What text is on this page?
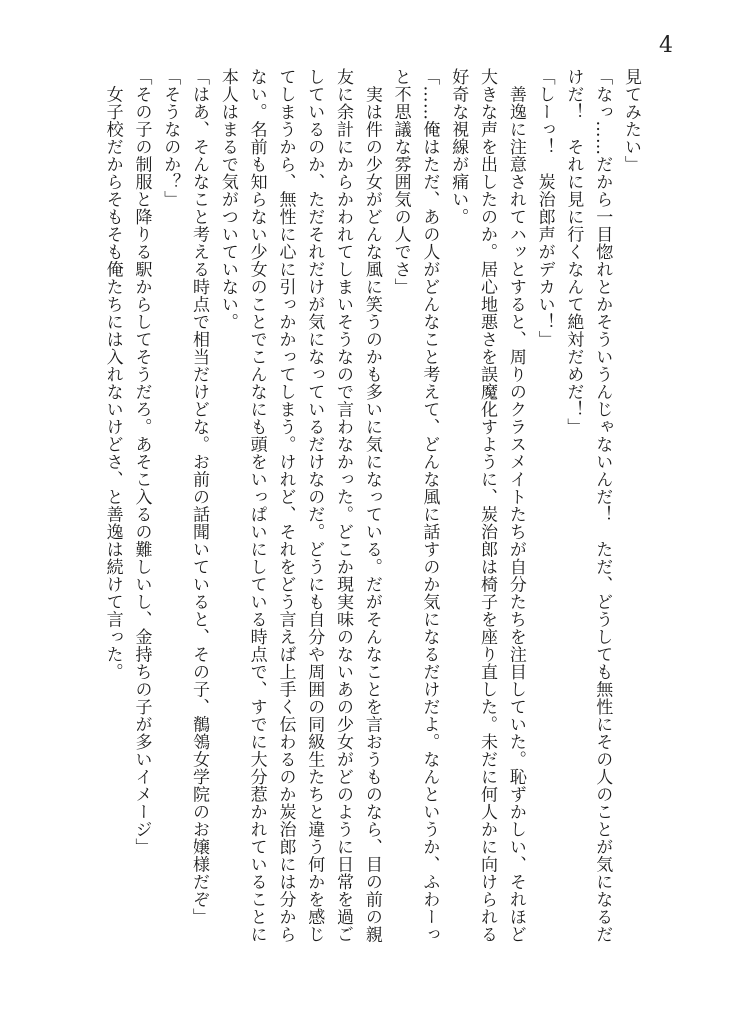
4
見てみたい」
「なっ……だから一目惚れとかそういうんじゃないんだ！　ただ、どうしても無性にその人のことが気になるだ
けだ！　それに見に行くなんて絶対だめだ！」
「しーっ！　炭治郎声がデカい！」
　善逸に注意されてハッとすると、周りのクラスメイトたちが自分たちを注目していた。恥ずかしい、それほど
大きな声を出したのか。居心地悪さを誤魔化すように、炭治郎は椅子を座り直した。未だに何人かに向けられる
好奇な視線が痛い。
「……俺はただ、あの人がどんなこと考えて、どんな風に話すのか気になるだけだよ。なんというか、ふわーっ
と不思議な雰囲気の人でさ」
　実は件の少女がどんな風に笑うのかも多いに気になっている。だがそんなことを言おうものなら、目の前の親
友に余計にからかわれてしまいそうなので言わなかった。どこか現実味のないあの少女がどのように日常を過ご
しているのか、ただそれだけが気になっているだけなのだ。どうにも自分や周囲の同級生たちと違う何かを感じ
てしまうから、無性に心に引っかかってしまう。けれど、それをどう言えば上手く伝わるのか炭治郎には分から
ない。名前も知らない少女のことでこんなにも頭をいっぱいにしている時点で、すでに大分惹かれていることに
本人はまるで気がついていない。
「はあ、そんなこと考える時点で相当だけどな。お前の話聞いていると、その子、鶺鴒女学院のお嬢様だぞ」
「そうなのか？」
「その子の制服と降りる駅からしてそうだろ。あそこ入るの難しいし、金持ちの子が多いイメージ」
　女子校だからそもそも俺たちには入れないけどさ、と善逸は続けて言った。
